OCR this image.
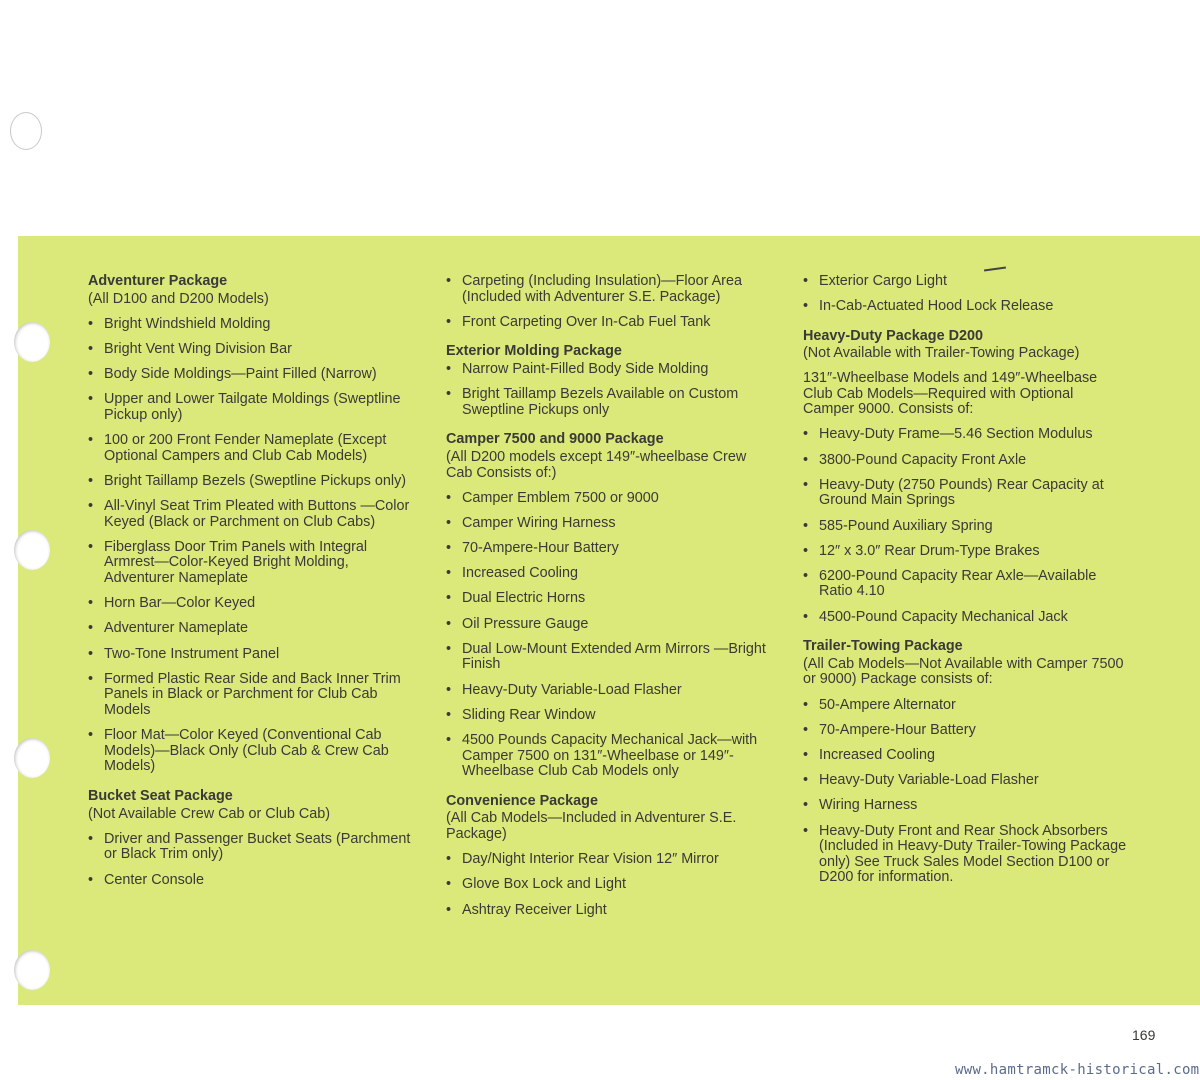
Adventurer Package

(All D100 and D200 Models)

• Bright Windshield Molding
• Bright Vent Wing Division Bar
• Body Side Moldings—Paint Filled (Narrow)
• Upper and Lower Tailgate Moldings (Sweptline Pickup only)
• 100 or 200 Front Fender Nameplate (Except Optional Campers and Club Cab Models)
• Bright Taillamp Bezels (Sweptline Pickups only)
• All-Vinyl Seat Trim Pleated with Buttons —Color Keyed (Black or Parchment on Club Cabs)
• Fiberglass Door Trim Panels with Integral Armrest—Color-Keyed Bright Molding, Adventurer Nameplate
• Horn Bar—Color Keyed
• Adventurer Nameplate
• Two-Tone Instrument Panel
• Formed Plastic Rear Side and Back Inner Trim Panels in Black or Parchment for Club Cab Models
• Floor Mat—Color Keyed (Conventional Cab Models)—Black Only (Club Cab & Crew Cab Models)

Bucket Seat Package

(Not Available Crew Cab or Club Cab)

• Driver and Passenger Bucket Seats (Parchment or Black Trim only)
• Center Console
• Carpeting (Including Insulation)—Floor Area (Included with Adventurer S.E. Package)
• Front Carpeting Over In-Cab Fuel Tank

Exterior Molding Package

• Narrow Paint-Filled Body Side Molding
• Bright Taillamp Bezels Available on Custom Sweptline Pickups only

Camper 7500 and 9000 Package

(All D200 models except 149″-wheelbase Crew Cab Consists of:)

• Camper Emblem 7500 or 9000
• Camper Wiring Harness
• 70-Ampere-Hour Battery
• Increased Cooling
• Dual Electric Horns
• Oil Pressure Gauge
• Dual Low-Mount Extended Arm Mirrors —Bright Finish
• Heavy-Duty Variable-Load Flasher
• Sliding Rear Window
• 4500 Pounds Capacity Mechanical Jack—with Camper 7500 on 131″-Wheelbase or 149″-Wheelbase Club Cab Models only

Convenience Package

(All Cab Models—Included in Adventurer S.E. Package)

• Day/Night Interior Rear Vision 12″ Mirror
• Glove Box Lock and Light
• Ashtray Receiver Light
• Exterior Cargo Light
• In-Cab-Actuated Hood Lock Release

Heavy-Duty Package D200

(Not Available with Trailer-Towing Package)

131″-Wheelbase Models and 149″-Wheelbase Club Cab Models—Required with Optional Camper 9000. Consists of:

• Heavy-Duty Frame—5.46 Section Modulus
• 3800-Pound Capacity Front Axle
• Heavy-Duty (2750 Pounds) Rear Capacity at Ground Main Springs
• 585-Pound Auxiliary Spring
• 12″ x 3.0″ Rear Drum-Type Brakes
• 6200-Pound Capacity Rear Axle—Available Ratio 4.10
• 4500-Pound Capacity Mechanical Jack

Trailer-Towing Package

(All Cab Models—Not Available with Camper 7500 or 9000) Package consists of:

• 50-Ampere Alternator
• 70-Ampere-Hour Battery
• Increased Cooling
• Heavy-Duty Variable-Load Flasher
• Wiring Harness
• Heavy-Duty Front and Rear Shock Absorbers (Included in Heavy-Duty Trailer-Towing Package only) See Truck Sales Model Section D100 or D200 for information.
169
www.hamtramck-historical.com
